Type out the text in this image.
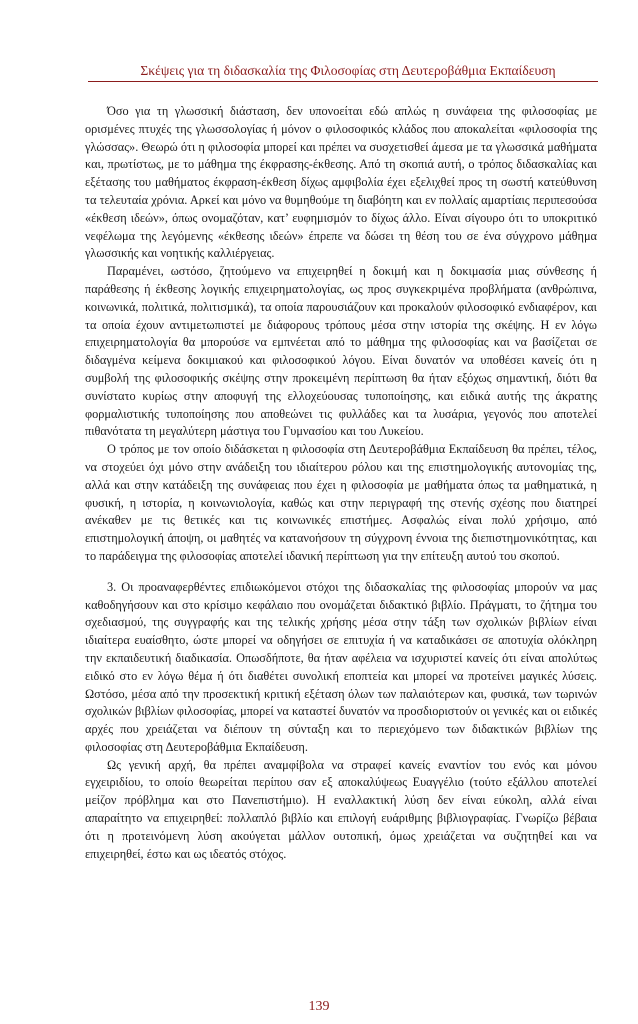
Σκέψεις για τη διδασκαλία της Φιλοσοφίας στη Δευτεροβάθμια Εκπαίδευση

Όσο για τη γλωσσική διάσταση, δεν υπονοείται εδώ απλώς η συνάφεια της φιλοσοφίας με ορισμένες πτυχές της γλωσσολογίας ή μόνον ο φιλοσοφικός κλάδος που αποκαλείται «φιλοσοφία της γλώσσας». Θεωρώ ότι η φιλοσοφία μπορεί και πρέπει να συσχετισθεί άμεσα με τα γλωσσικά μαθήματα και, πρωτίστως, με το μάθημα της έκφρασης-έκθεσης. Από τη σκοπιά αυτή, ο τρόπος διδασκαλίας και εξέτασης του μαθήματος έκφραση-έκθεση δίχως αμφιβολία έχει εξελιχθεί προς τη σωστή κατεύθυνση τα τελευταία χρόνια. Αρκεί και μόνο να θυμηθούμε τη διαβόητη και εν πολλαίς αμαρτίαις περιπεσούσα «έκθεση ιδεών», όπως ονομαζόταν, κατ’ ευφημισμόν το δίχως άλλο. Είναι σίγουρο ότι το υποκριτικό νεφέλωμα της λεγόμενης «έκθεσης ιδεών» έπρεπε να δώσει τη θέση του σε ένα σύγχρονο μάθημα γλωσσικής και νοητικής καλλιέργειας.

Παραμένει, ωστόσο, ζητούμενο να επιχειρηθεί η δοκιμή και η δοκιμασία μιας σύνθεσης ή παράθεσης ή έκθεσης λογικής επιχειρηματολογίας, ως προς συγκεκριμένα προβλήματα (ανθρώπινα, κοινωνικά, πολιτικά, πολιτισμικά), τα οποία παρουσιάζουν και προκαλούν φιλοσοφικό ενδιαφέρον, και τα οποία έχουν αντιμετωπιστεί με διάφορους τρόπους μέσα στην ιστορία της σκέψης. Η εν λόγω επιχειρηματολογία θα μπορούσε να εμπνέεται από το μάθημα της φιλοσοφίας και να βασίζεται σε διδαγμένα κείμενα δοκιμιακού και φιλοσοφικού λόγου. Είναι δυνατόν να υποθέσει κανείς ότι η συμβολή της φιλοσοφικής σκέψης στην προκειμένη περίπτωση θα ήταν εξόχως σημαντική, διότι θα συνίστατο κυρίως στην αποφυγή της ελλοχεύουσας τυποποίησης, και ειδικά αυτής της άκρατης φορμαλιστικής τυποποίησης που αποθεώνει τις φυλλάδες και τα λυσάρια, γεγονός που αποτελεί πιθανότατα τη μεγαλύτερη μάστιγα του Γυμνασίου και του Λυκείου.

Ο τρόπος με τον οποίο διδάσκεται η φιλοσοφία στη Δευτεροβάθμια Εκπαίδευση θα πρέπει, τέλος, να στοχεύει όχι μόνο στην ανάδειξη του ιδιαίτερου ρόλου και της επιστημολογικής αυτονομίας της, αλλά και στην κατάδειξη της συνάφειας που έχει η φιλοσοφία με μαθήματα όπως τα μαθηματικά, η φυσική, η ιστορία, η κοινωνιολογία, καθώς και στην περιγραφή της στενής σχέσης που διατηρεί ανέκαθεν με τις θετικές και τις κοινωνικές επιστήμες. Ασφαλώς είναι πολύ χρήσιμο, από επιστημολογική άποψη, οι μαθητές να κατανοήσουν τη σύγχρονη έννοια της διεπιστημονικότητας, και το παράδειγμα της φιλοσοφίας αποτελεί ιδανική περίπτωση για την επίτευξη αυτού του σκοπού.

3. Οι προαναφερθέντες επιδιωκόμενοι στόχοι της διδασκαλίας της φιλοσοφίας μπορούν να μας καθοδηγήσουν και στο κρίσιμο κεφάλαιο που ονομάζεται διδακτικό βιβλίο. Πράγματι, το ζήτημα του σχεδιασμού, της συγγραφής και της τελικής χρήσης μέσα στην τάξη των σχολικών βιβλίων είναι ιδιαίτερα ευαίσθητο, ώστε μπορεί να οδηγήσει σε επιτυχία ή να καταδικάσει σε αποτυχία ολόκληρη την εκπαιδευτική διαδικασία. Οπωσδήποτε, θα ήταν αφέλεια να ισχυριστεί κανείς ότι είναι απολύτως ειδικό στο εν λόγω θέμα ή ότι διαθέτει συνολική εποπτεία και μπορεί να προτείνει μαγικές λύσεις. Ωστόσο, μέσα από την προσεκτική κριτική εξέταση όλων των παλαιότερων και, φυσικά, των τωρινών σχολικών βιβλίων φιλοσοφίας, μπορεί να καταστεί δυνατόν να προσδιοριστούν οι γενικές και οι ειδικές αρχές που χρειάζεται να διέπουν τη σύνταξη και το περιεχόμενο των διδακτικών βιβλίων της φιλοσοφίας στη Δευτεροβάθμια Εκπαίδευση.

Ως γενική αρχή, θα πρέπει αναμφίβολα να στραφεί κανείς εναντίον του ενός και μόνου εγχειριδίου, το οποίο θεωρείται περίπου σαν εξ αποκαλύψεως Ευαγγέλιο (τούτο εξάλλου αποτελεί μείζον πρόβλημα και στο Πανεπιστήμιο). Η εναλλακτική λύση δεν είναι εύκολη, αλλά είναι απαραίτητο να επιχειρηθεί: πολλαπλό βιβλίο και επιλογή ευάριθμης βιβλιογραφίας. Γνωρίζω βέβαια ότι η προτεινόμενη λύση ακούγεται μάλλον ουτοπική, όμως χρειάζεται να συζητηθεί και να επιχειρηθεί, έστω και ως ιδεατός στόχος.

139
